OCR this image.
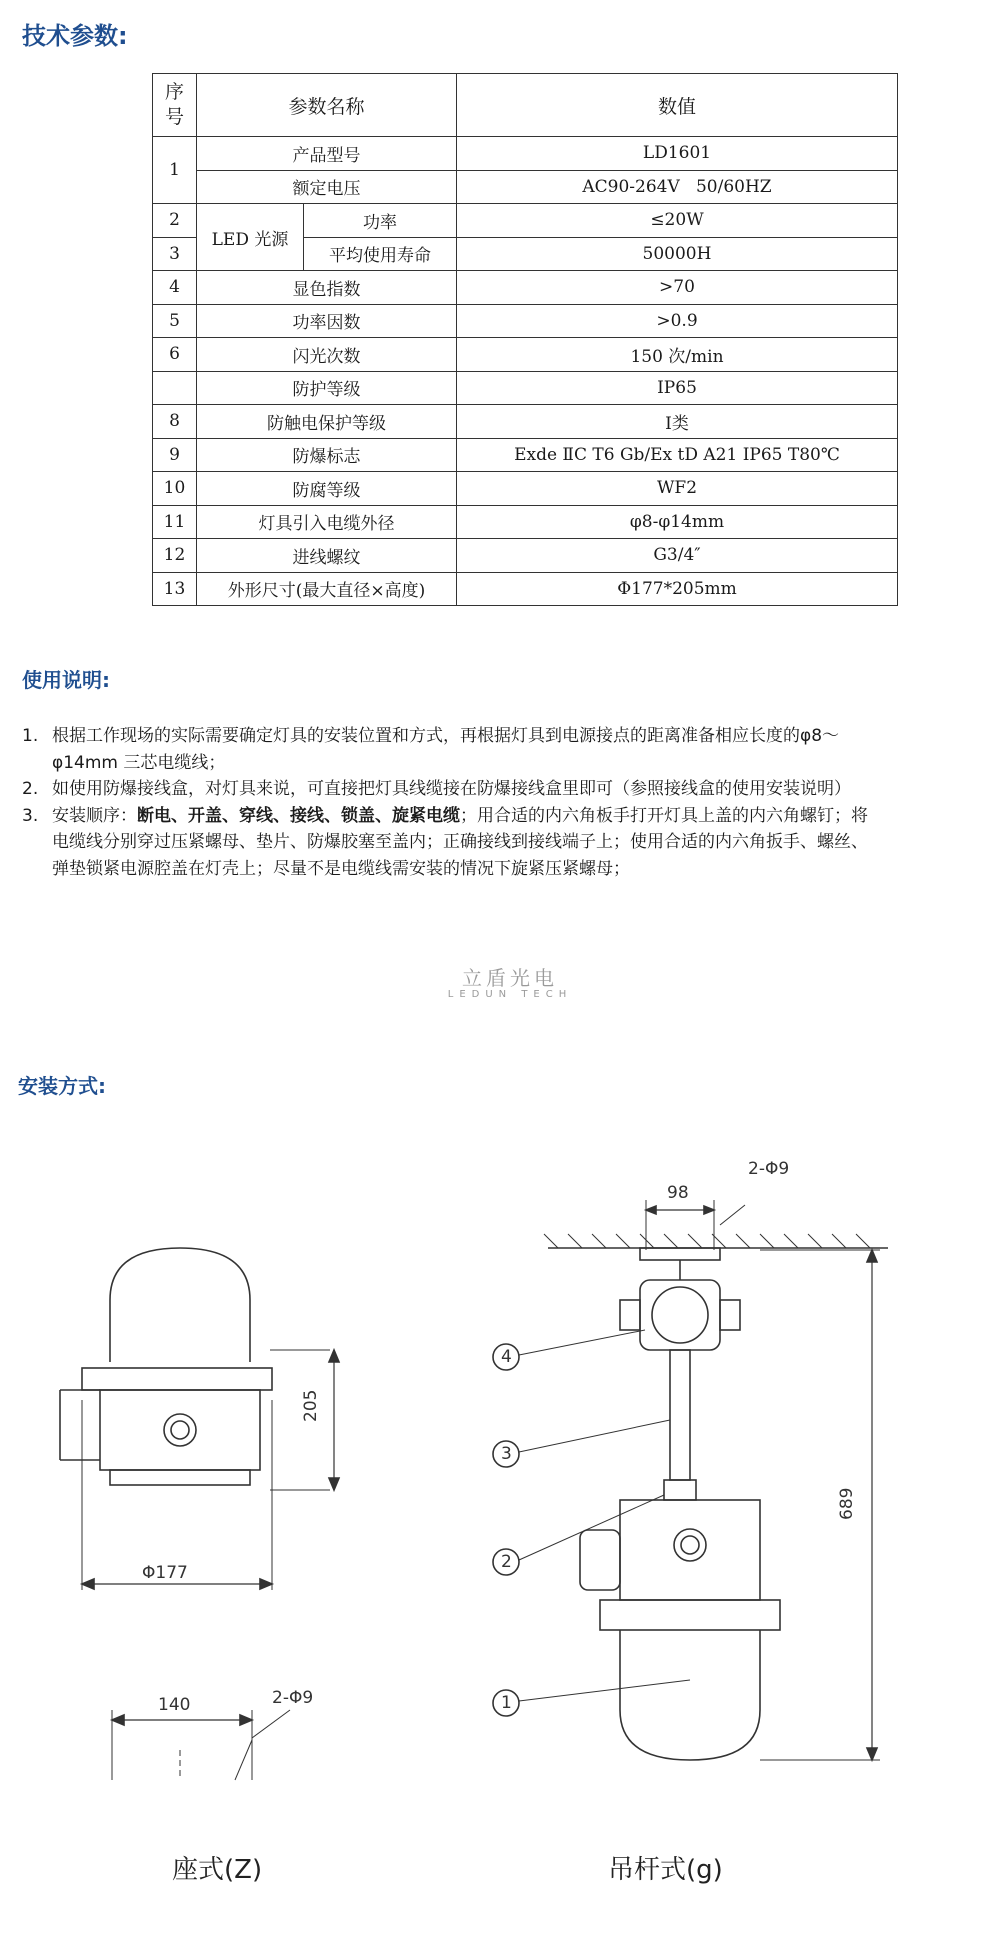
技术参数:
序号	参数名称		数值
1	产品型号		LD1601
	额定电压		AC90-264V   50/60HZ
2	LED 光源	功率	≤20W
3		平均使用寿命	50000H
4	显色指数		>70
5	功率因数		>0.9
6	闪光次数		150 次/min
	防护等级		IP65
8	防触电保护等级		Ⅰ类
9	防爆标志		Exde ⅡC T6 Gb/Ex tD A21 IP65 T80℃
10	防腐等级		WF2
11	灯具引入电缆外径		φ8-φ14mm
12	进线螺纹		G3/4″
13	外形尺寸(最大直径×高度)		Φ177*205mm
使用说明:
1. 根据工作现场的实际需要确定灯具的安装位置和方式，再根据灯具到电源接点的距离准备相应长度的φ8～φ14mm 三芯电缆线；
2. 如使用防爆接线盒，对灯具来说，可直接把灯具线缆接在防爆接线盒里即可（参照接线盒的使用安装说明）
3. 安装顺序：断电、开盖、穿线、接线、锁盖、旋紧电缆；用合适的内六角板手打开灯具上盖的内六角螺钉；将电缆线分别穿过压紧螺母、垫片、防爆胶塞至盖内；正确接线到接线端子上；使用合适的内六角扳手、螺丝、弹垫锁紧电源腔盖在灯壳上；尽量不是电缆线需安装的情况下旋紧压紧螺母；
立盾光电
LEDUN TECH
安装方式:
205
Φ177
140	2-Φ9
座式(Z)
98
2-Φ9
689
4
3
2
1
吊杆式(g)
